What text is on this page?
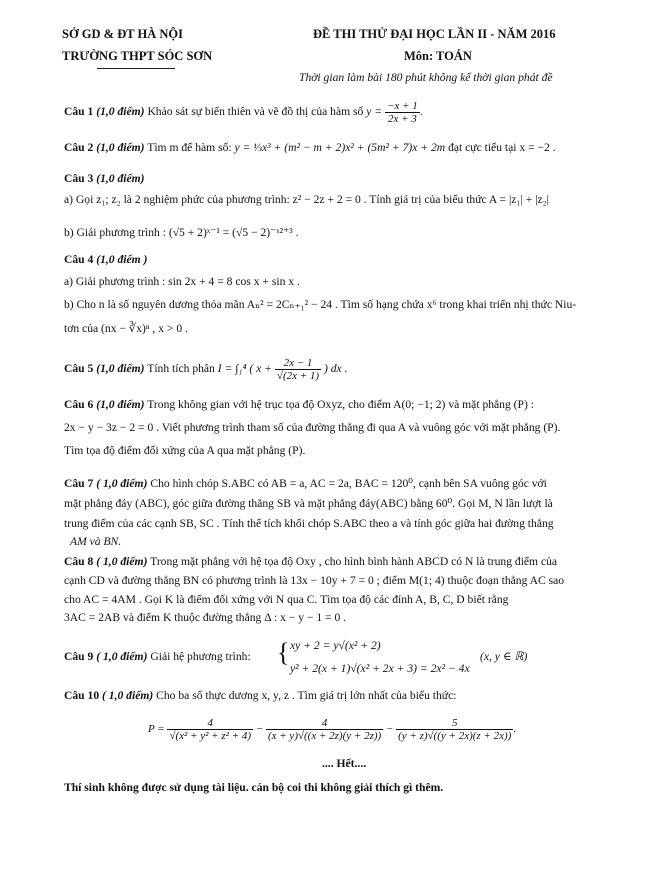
SỞ GD & ĐT HÀ NỘI
TRƯỜNG THPT SÓC SƠN
ĐỀ THI THỬ ĐẠI HỌC LẦN II - NĂM 2016
Môn: TOÁN
Thời gian làm bài 180 phút không kể thời gian phát đề
Câu 1 (1,0 điểm) Khảo sát sự biến thiên và vẽ đồ thị của hàm số $y = \frac{-x + 1}{2x + 3}$ .
Câu 2 (1,0 điểm) Tìm m để hàm số: y = ⅓x³ + (m² − m + 2)x² + (5m² + 7)x + 2m đạt cực tiểu tại x = −2 .
Câu 3 (1,0 điểm)
a) Gọi z₁; z₂ là 2 nghiệm phức của phương trình: z² − 2z + 2 = 0 . Tính giá trị của biểu thức A = |z₁| + |z₂|
b) Giải phương trình : (√5 + 2)ˣ⁻¹ = (√5 − 2)⁻ˣ²⁺³ .
Câu 4 (1,0 điểm )
a) Giải phương trình : sin 2x + 4 = 8 cos x + sin x .
b) Cho n là số nguyên dương thỏa mãn Aₙ² = 2Cₙ₊₁² − 24 . Tìm số hạng chứa x⁶ trong khai triển nhị thức Niu-
tơn của (nx − ∛x)ⁿ , x > 0 .
Câu 5 (1,0 điểm) Tính tích phân I = ∫₁⁴ ( $x + \frac{2x - 1}{√(2x + 1)}$ ) dx .
Câu 6 (1,0 điểm) Trong không gian với hệ trục tọa độ Oxyz, cho điểm A(0; −1; 2) và mặt phẳng (P) :
2x − y − 3z − 2 = 0 . Viết phương trình tham số của đường thẳng đi qua A và vuông góc với mặt phẳng (P).
Tìm tọa độ điểm đối xứng của A qua mặt phẳng (P).
Câu 7 ( 1,0 điểm) Cho hình chóp S.ABC có AB = a, AC = 2a, BAC = 120⁰, cạnh bên SA vuông góc với
mặt phẳng đáy (ABC), góc giữa đường thẳng SB và mặt phẳng đáy(ABC) bằng 60⁰. Gọi M, N lần lượt là
trung điểm của các cạnh SB, SC . Tính thể tích khối chóp S.ABC theo a và tính góc giữa hai đường thẳng
AM và BN.
Câu 8 ( 1,0 điểm) Trong mặt phẳng với hệ tọa độ Oxy , cho hình bình hành ABCD có N là trung điểm của
cạnh CD và đường thẳng BN có phương trình là 13x − 10y + 7 = 0 ; điểm M(1; 4) thuộc đoạn thẳng AC sao
cho AC = 4AM . Gọi K là điểm đối xứng với N qua C. Tìm tọa độ các đỉnh A, B, C, D biết rằng
3AC = 2AB và điểm K thuộc đường thẳng Δ : x − y − 1 = 0 .
Câu 9 ( 1,0 điểm) Giải hệ phương trình: { xy + 2 = y√(x² + 2)
y² + 2(x + 1)√(x² + 2x + 3) = 2x² − 4x
(x, y ∈ ℝ)
Câu 10 ( 1,0 điểm) Cho ba số thực dương x, y, z . Tìm giá trị lớn nhất của biểu thức:
$P = \frac{4}{\text{√(x² + y² + z² + 4)}} - \frac{4}{(x + y)√((x + 2z)(y + 2z))} - \frac{5}{(y + z)√((y + 2x)(z + 2x))}$ .
.... Hết....
Thí sinh không được sử dụng tài liệu. cán bộ coi thi không giải thích gì thêm.
